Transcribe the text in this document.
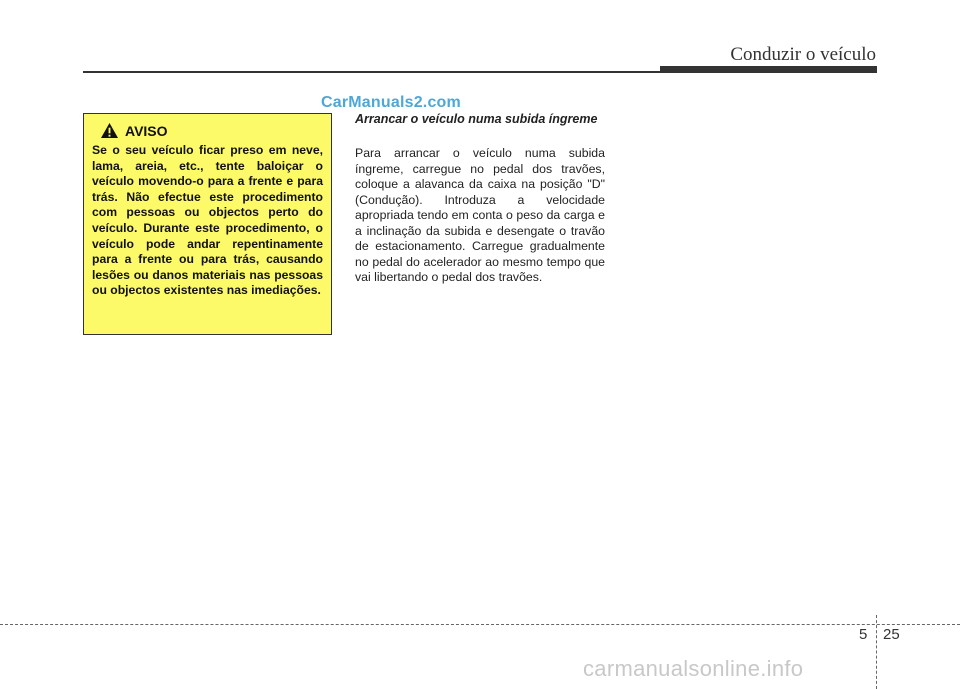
Conduzir o veículo
CarManuals2.com
AVISO

Se o seu veículo ficar preso em neve, lama, areia, etc., tente baloiçar o veículo movendo-o para a frente e para trás. Não efectue este procedimento com pessoas ou objectos perto do veículo. Durante este procedimento, o veículo pode andar repentinamente para a frente ou para trás, causando lesões ou danos materiais nas pessoas ou objectos existentes nas imediações.

Arrancar o veículo numa subida íngreme

Para arrancar o veículo numa subida íngreme, carregue no pedal dos travões, coloque a alavanca da caixa na posição "D" (Condução). Introduza a velocidade apropriada tendo em conta o peso da carga e a inclinação da subida e desengate o travão de estacionamento. Carregue gradualmente no pedal do acelerador ao mesmo tempo que vai libertando o pedal dos travões.

5 25
carmanualsonline.info
